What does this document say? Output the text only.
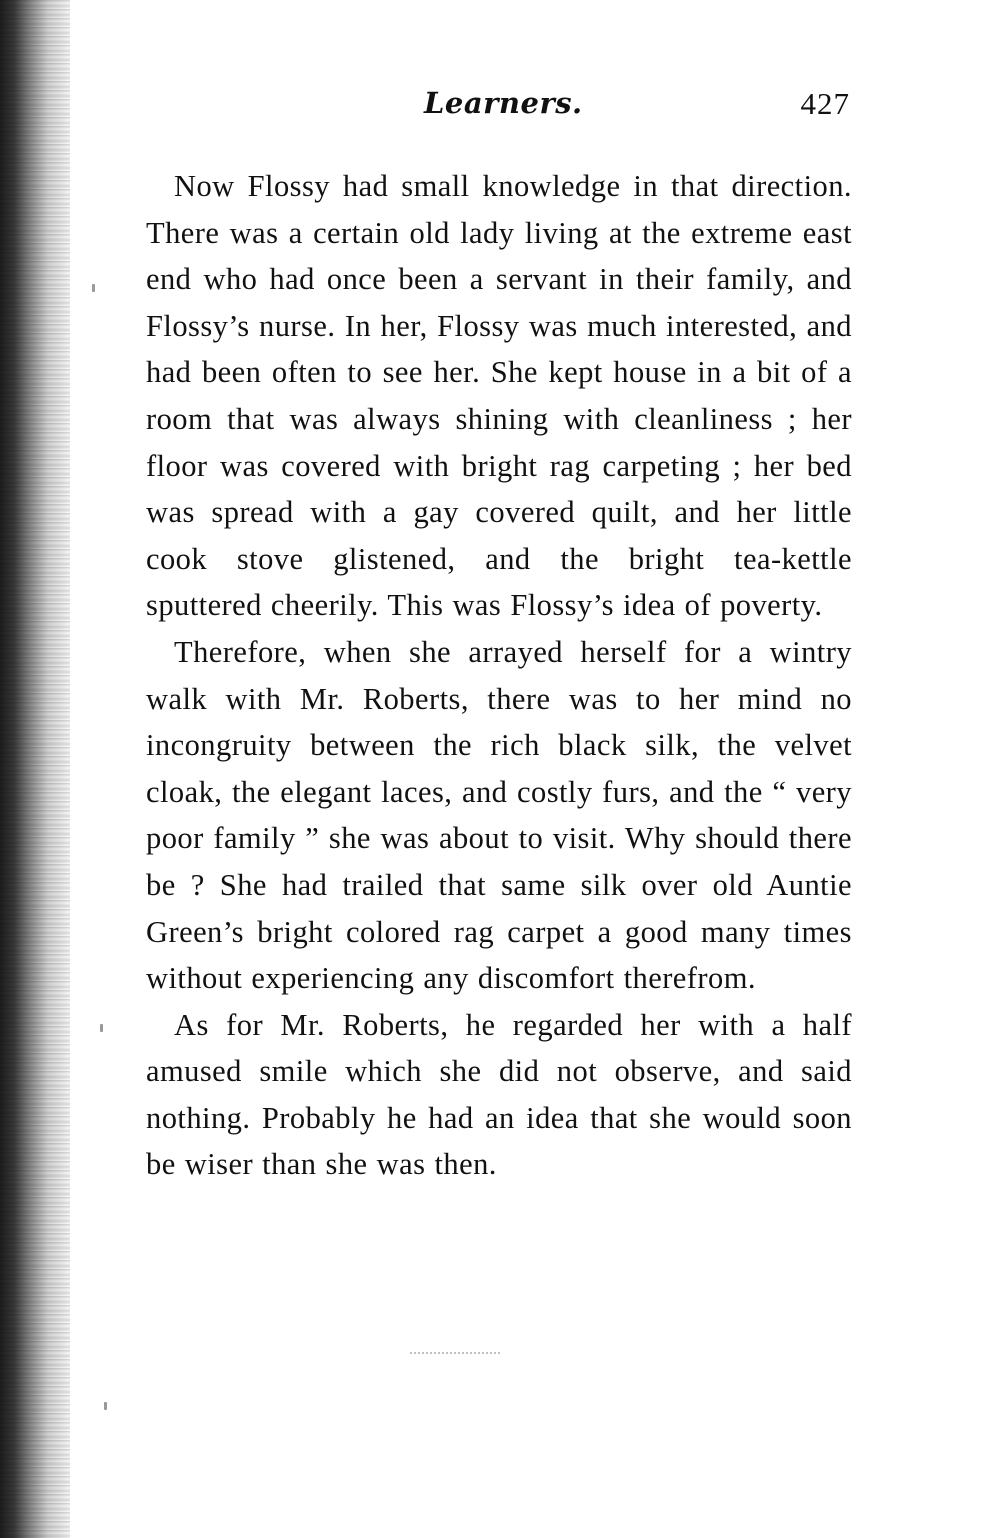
Learners.	427

Now Flossy had small knowledge in that direction. There was a certain old lady living at the extreme east end who had once been a servant in their family, and Flossy’s nurse. In her, Flossy was much interested, and had been often to see her. She kept house in a bit of a room that was always shining with cleanliness ; her floor was covered with bright rag carpeting ; her bed was spread with a gay covered quilt, and her little cook stove glistened, and the bright tea-kettle sputtered cheerily. This was Flossy’s idea of poverty.

Therefore, when she arrayed herself for a wintry walk with Mr. Roberts, there was to her mind no incongruity between the rich black silk, the velvet cloak, the elegant laces, and costly furs, and the “ very poor family ” she was about to visit. Why should there be ? She had trailed that same silk over old Auntie Green’s bright colored rag carpet a good many times without experiencing any discomfort therefrom.

As for Mr. Roberts, he regarded her with a half amused smile which she did not observe, and said nothing. Probably he had an idea that she would soon be wiser than she was then.
